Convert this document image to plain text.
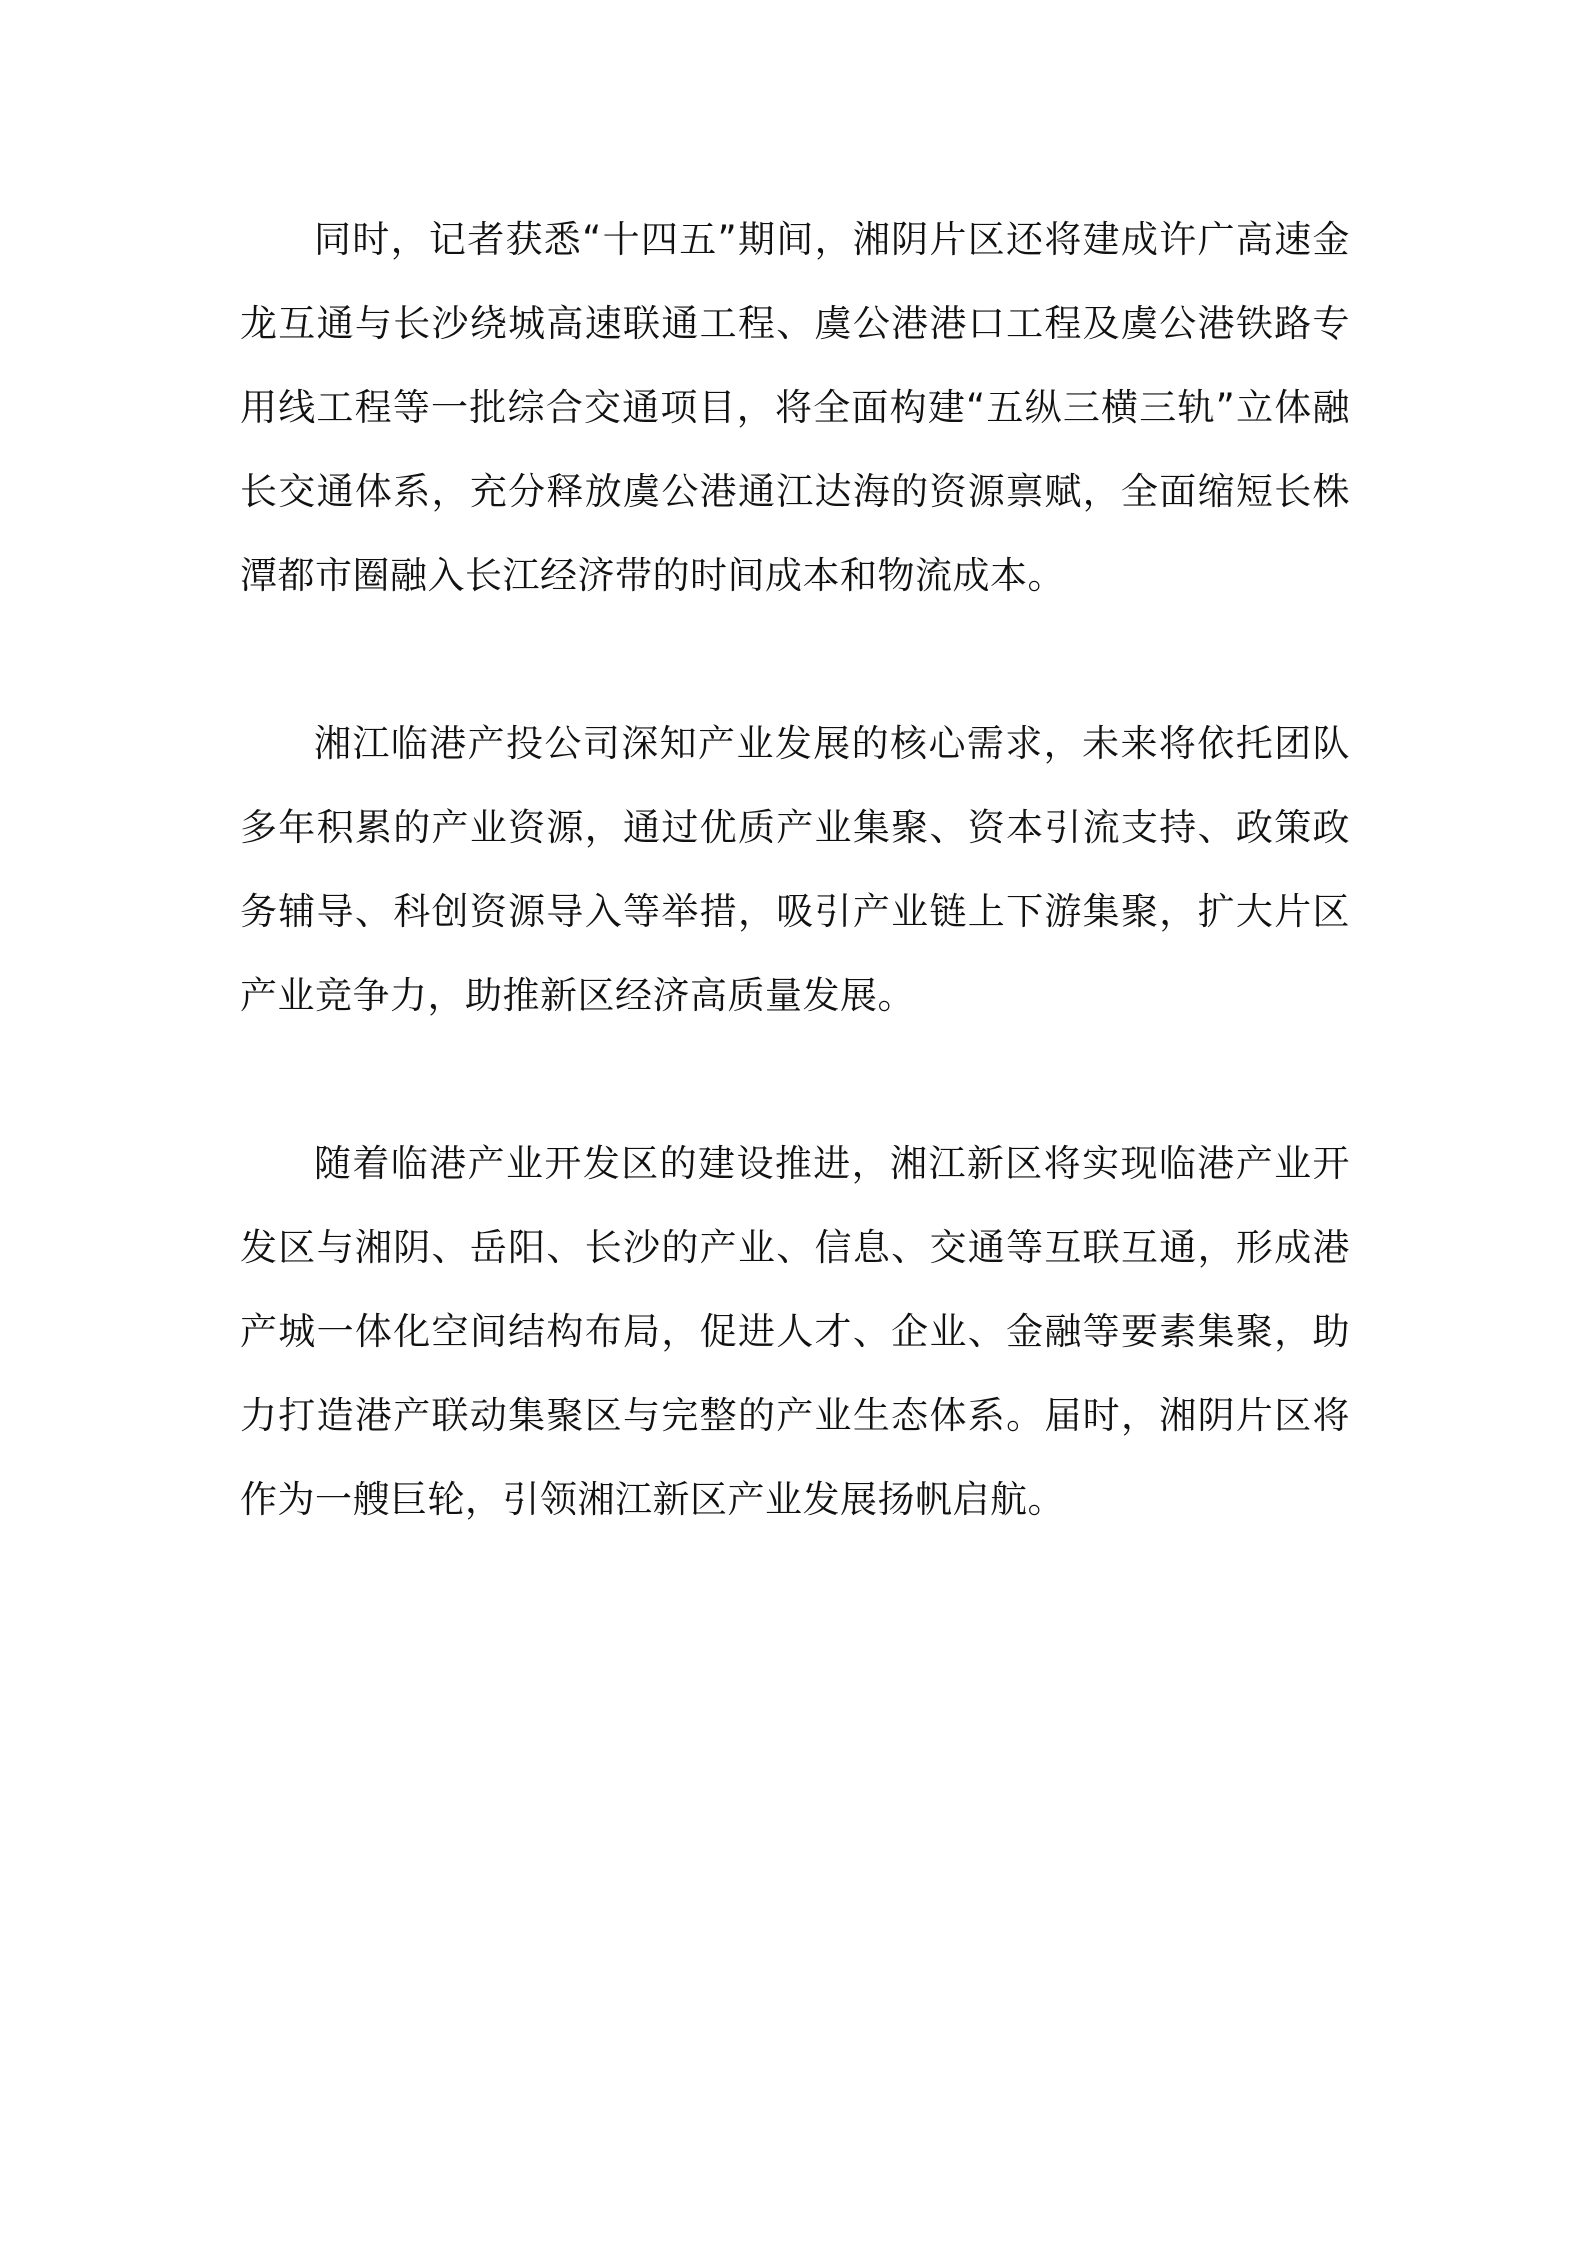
同时，记者获悉“十四五”期间，湘阴片区还将建成许广高速金龙互通与长沙绕城高速联通工程、虞公港港口工程及虞公港铁路专用线工程等一批综合交通项目，将全面构建“五纵三横三轨”立体融长交通体系，充分释放虞公港通江达海的资源禀赋，全面缩短长株潭都市圈融入长江经济带的时间成本和物流成本。

湘江临港产投公司深知产业发展的核心需求，未来将依托团队多年积累的产业资源，通过优质产业集聚、资本引流支持、政策政务辅导、科创资源导入等举措，吸引产业链上下游集聚，扩大片区产业竞争力，助推新区经济高质量发展。

随着临港产业开发区的建设推进，湘江新区将实现临港产业开发区与湘阴、岳阳、长沙的产业、信息、交通等互联互通，形成港产城一体化空间结构布局，促进人才、企业、金融等要素集聚，助力打造港产联动集聚区与完整的产业生态体系。届时，湘阴片区将作为一艘巨轮，引领湘江新区产业发展扬帆启航。
